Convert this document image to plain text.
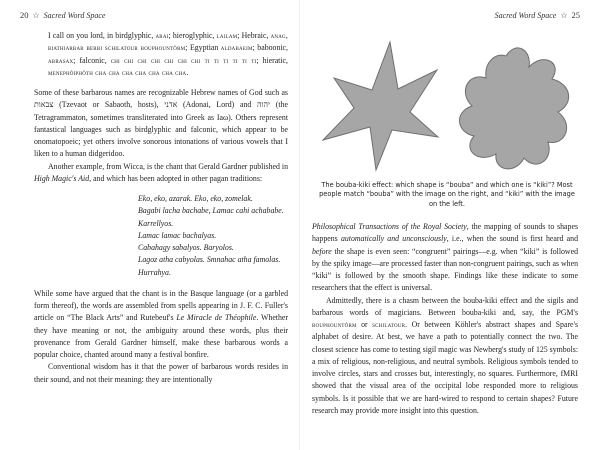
20 ☆ Sacred Word Space

I call on you lord, in birdglyphic, arai; hieroglyphic, lailam; Hebraic, anag, biathiarbar berbi schilatour bouphountôrm; Egyptian aldabaeim; baboonic, abrasax; falconic, chi chi chi chi chi chi chi ti ti ti ti ti ti; hieratic, menephôiphôth cha cha cha cha cha cha cha.

Some of these barbarous names are recognizable Hebrew names of God such as צבאות (Tzevaot or Sabaoth, hosts), אדני (Adonai, Lord) and יהוה (the Tetragrammaton, sometimes transliterated into Greek as Iaω). Others represent fantastical languages such as birdglyphic and falconic, which appear to be onomatopoeic; yet others involve sonorous intonations of various vowels that I liken to a human didgeridoo.

Another example, from Wicca, is the chant that Gerald Gardner published in High Magic's Aid, and which has been adopted in other pagan traditions:

Eko, eko, azarak. Eko, eko, zomelak.
Bagabi lacha bachabe, Lamac cahi achababe.
Karrellyos.
Lamac lamac bachalyas.
Cabahagy sabalyos. Baryolos.
Lagoz atha cabyolas. Smnahac atha famolas.
Hurrahya.

While some have argued that the chant is in the Basque language (or a garbled form thereof), the words are assembled from spells appearing in J. F. C. Fuller's article on “The Black Arts” and Rutebeuf's Le Miracle de Théophile. Whether they have meaning or not, the ambiguity around these words, plus their provenance from Gerald Gardner himself, make these barbarous words a popular choice, chanted around many a festival bonfire.

Conventional wisdom has it that the power of barbarous words resides in their sound, and not their meaning: they are intentionally

Sacred Word Space ☆ 25
The bouba-kiki effect: which shape is “bouba” and which one is “kiki”? Most people match “bouba” with the image on the right, and “kiki” with the image on the left.

Philosophical Transactions of the Royal Society, the mapping of sounds to shapes happens automatically and unconsciously, i.e., when the sound is first heard and before the shape is even seen: “congruent” pairings—e.g. when “kiki” is followed by the spiky image—are processed faster than non-congruent pairings, such as when “kiki” is followed by the smooth shape. Findings like these indicate to some researchers that the effect is universal.

Admittedly, there is a chasm between the bouba-kiki effect and the sigils and barbarous words of magicians. Between bouba-kiki and, say, the PGM's bouphountôrm or schilatour. Or between Köhler's abstract shapes and Spare's alphabet of desire. At best, we have a path to potentially connect the two. The closest science has come to testing sigil magic was Newberg's study of 125 symbols: a mix of religious, non-religious, and neutral symbols. Religious symbols tended to involve circles, stars and crosses but, interestingly, no squares. Furthermore, fMRI showed that the visual area of the occipital lobe responded more to religious symbols. Is it possible that we are hard-wired to respond to certain shapes? Future research may provide more insight into this question.
